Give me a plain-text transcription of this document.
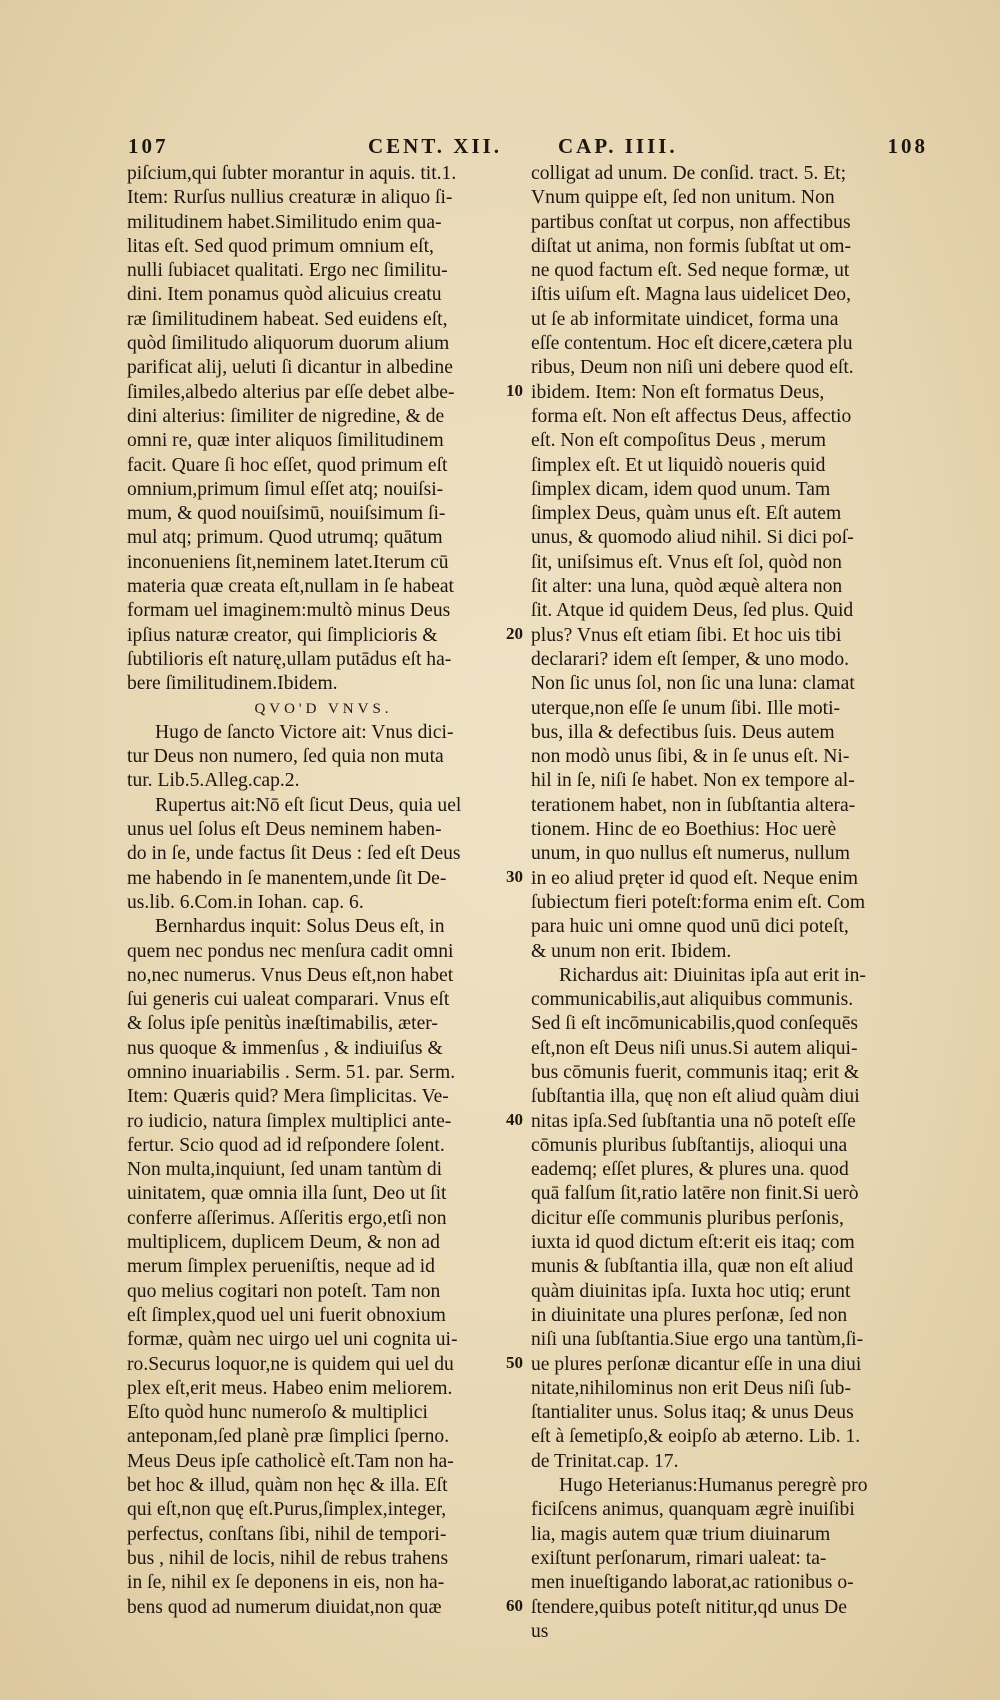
107	CENT. XII.	CAP. IIII.	108
piſcium,qui ſubter morantur in aquis. tit.1.
Item: Rurſus nullius creaturæ in aliquo ſi-
militudinem habet.Similitudo enim qua-
litas eſt. Sed quod primum omnium eſt,
nulli ſubiacet qualitati. Ergo nec ſimilitu-
dini. Item ponamus quòd alicuius creatu
ræ ſimilitudinem habeat. Sed euidens eſt,
quòd ſimilitudo aliquorum duorum alium
parificat alij, ueluti ſi dicantur in albedine
ſimiles,albedo alterius par eſſe debet albe-
dini alterius: ſimiliter de nigredine, & de
omni re, quæ inter aliquos ſimilitudinem
facit. Quare ſi hoc eſſet, quod primum eſt
omnium,primum ſimul eſſet atq; nouiſsi-
mum, & quod nouiſsimū, nouiſsimum ſi-
mul atq; primum. Quod utrumq; quātum
inconueniens ſit,neminem latet.Iterum cū
materia quæ creata eſt,nullam in ſe habeat
formam uel imaginem:multò minus Deus
ipſius naturæ creator, qui ſimplicioris &
ſubtilioris eſt naturę,ullam putādus eſt ha-
bere ſimilitudinem.Ibidem.
QVO'D VNVS.
Hugo de ſancto Victore ait: Vnus dici-
tur Deus non numero, ſed quia non muta
tur. Lib.5.Alleg.cap.2.
Rupertus ait:Nō eſt ſicut Deus, quia uel
unus uel ſolus eſt Deus neminem haben-
do in ſe, unde factus ſit Deus : ſed eſt Deus
me habendo in ſe manentem,unde ſit De-
us.lib. 6.Com.in Iohan. cap. 6.
Bernhardus inquit: Solus Deus eſt, in
quem nec pondus nec menſura cadit omni
no,nec numerus. Vnus Deus eſt,non habet
ſui generis cui ualeat comparari. Vnus eſt
& ſolus ipſe penitùs inæſtimabilis, æter-
nus quoque & immenſus , & indiuiſus &
omnino inuariabilis . Serm. 51. par. Serm.
Item: Quæris quid? Mera ſimplicitas. Ve-
ro iudicio, natura ſimplex multiplici ante-
fertur. Scio quod ad id reſpondere ſolent.
Non multa,inquiunt, ſed unam tantùm di
uinitatem, quæ omnia illa ſunt, Deo ut ſit
conferre aſſerimus. Aſſeritis ergo,etſi non
multiplicem, duplicem Deum, & non ad
merum ſimplex perueniſtis, neque ad id
quo melius cogitari non poteſt. Tam non
eſt ſimplex,quod uel uni fuerit obnoxium
formæ, quàm nec uirgo uel uni cognita ui-
ro.Securus loquor,ne is quidem qui uel du
plex eſt,erit meus. Habeo enim meliorem.
Eſto quòd hunc numeroſo & multiplici
anteponam,ſed planè præ ſimplici ſperno.
Meus Deus ipſe catholicè eſt.Tam non ha-
bet hoc & illud, quàm non hęc & illa. Eſt
qui eſt,non quę eſt.Purus,ſimplex,integer,
perfectus, conſtans ſibi, nihil de tempori-
bus , nihil de locis, nihil de rebus trahens
in ſe, nihil ex ſe deponens in eis, non ha-
bens quod ad numerum diuidat,non quæ
10
20
30
40
50
60
colligat ad unum. De conſid. tract. 5. Et;
Vnum quippe eſt, ſed non unitum. Non
partibus conſtat ut corpus, non affectibus
diſtat ut anima, non formis ſubſtat ut om-
ne quod factum eſt. Sed neque formæ, ut
iſtis uiſum eſt. Magna laus uidelicet Deo,
ut ſe ab informitate uindicet, forma una
eſſe contentum. Hoc eſt dicere,cætera plu
ribus, Deum non niſi uni debere quod eſt.
ibidem. Item: Non eſt formatus Deus,
forma eſt. Non eſt affectus Deus, affectio
eſt. Non eſt compoſitus Deus , merum
ſimplex eſt. Et ut liquidò noueris quid
ſimplex dicam, idem quod unum. Tam
ſimplex Deus, quàm unus eſt. Eſt autem
unus, & quomodo aliud nihil. Si dici poſ-
ſit, uniſsimus eſt. Vnus eſt ſol, quòd non
ſit alter: una luna, quòd æquè altera non
ſit. Atque id quidem Deus, ſed plus. Quid
plus? Vnus eſt etiam ſibi. Et hoc uis tibi
declarari? idem eſt ſemper, & uno modo.
Non ſic unus ſol, non ſic una luna: clamat
uterque,non eſſe ſe unum ſibi. Ille moti-
bus, illa & defectibus ſuis. Deus autem
non modò unus ſibi, & in ſe unus eſt. Ni-
hil in ſe, niſi ſe habet. Non ex tempore al-
terationem habet, non in ſubſtantia altera-
tionem. Hinc de eo Boethius: Hoc uerè
unum, in quo nullus eſt numerus, nullum
in eo aliud pręter id quod eſt. Neque enim
ſubiectum fieri poteſt:forma enim eſt. Com
para huic uni omne quod unū dici poteſt,
& unum non erit. Ibidem.
Richardus ait: Diuinitas ipſa aut erit in-
communicabilis,aut aliquibus communis.
Sed ſi eſt incōmunicabilis,quod conſequēs
eſt,non eſt Deus niſi unus.Si autem aliqui-
bus cōmunis fuerit, communis itaq; erit &
ſubſtantia illa, quę non eſt aliud quàm diui
nitas ipſa.Sed ſubſtantia una nō poteſt eſſe
cōmunis pluribus ſubſtantijs, alioqui una
eademq; eſſet plures, & plures una. quod
quā falſum ſit,ratio latēre non finit.Si uerò
dicitur eſſe communis pluribus perſonis,
iuxta id quod dictum eſt:erit eis itaq; com
munis & ſubſtantia illa, quæ non eſt aliud
quàm diuinitas ipſa. Iuxta hoc utiq; erunt
in diuinitate una plures perſonæ, ſed non
niſi una ſubſtantia.Siue ergo una tantùm,ſi-
ue plures perſonæ dicantur eſſe in una diui
nitate,nihilominus non erit Deus niſi ſub-
ſtantialiter unus. Solus itaq; & unus Deus
eſt à ſemetipſo,& eoipſo ab æterno. Lib. 1.
de Trinitat.cap. 17.
Hugo Heterianus:Humanus peregrè pro
ficiſcens animus, quanquam ægrè inuiſibi
lia, magis autem quæ trium diuinarum
exiſtunt perſonarum, rimari ualeat: ta-
men inueſtigando laborat,ac rationibus o-
ſtendere,quibus poteſt nititur,qd unus De
us
